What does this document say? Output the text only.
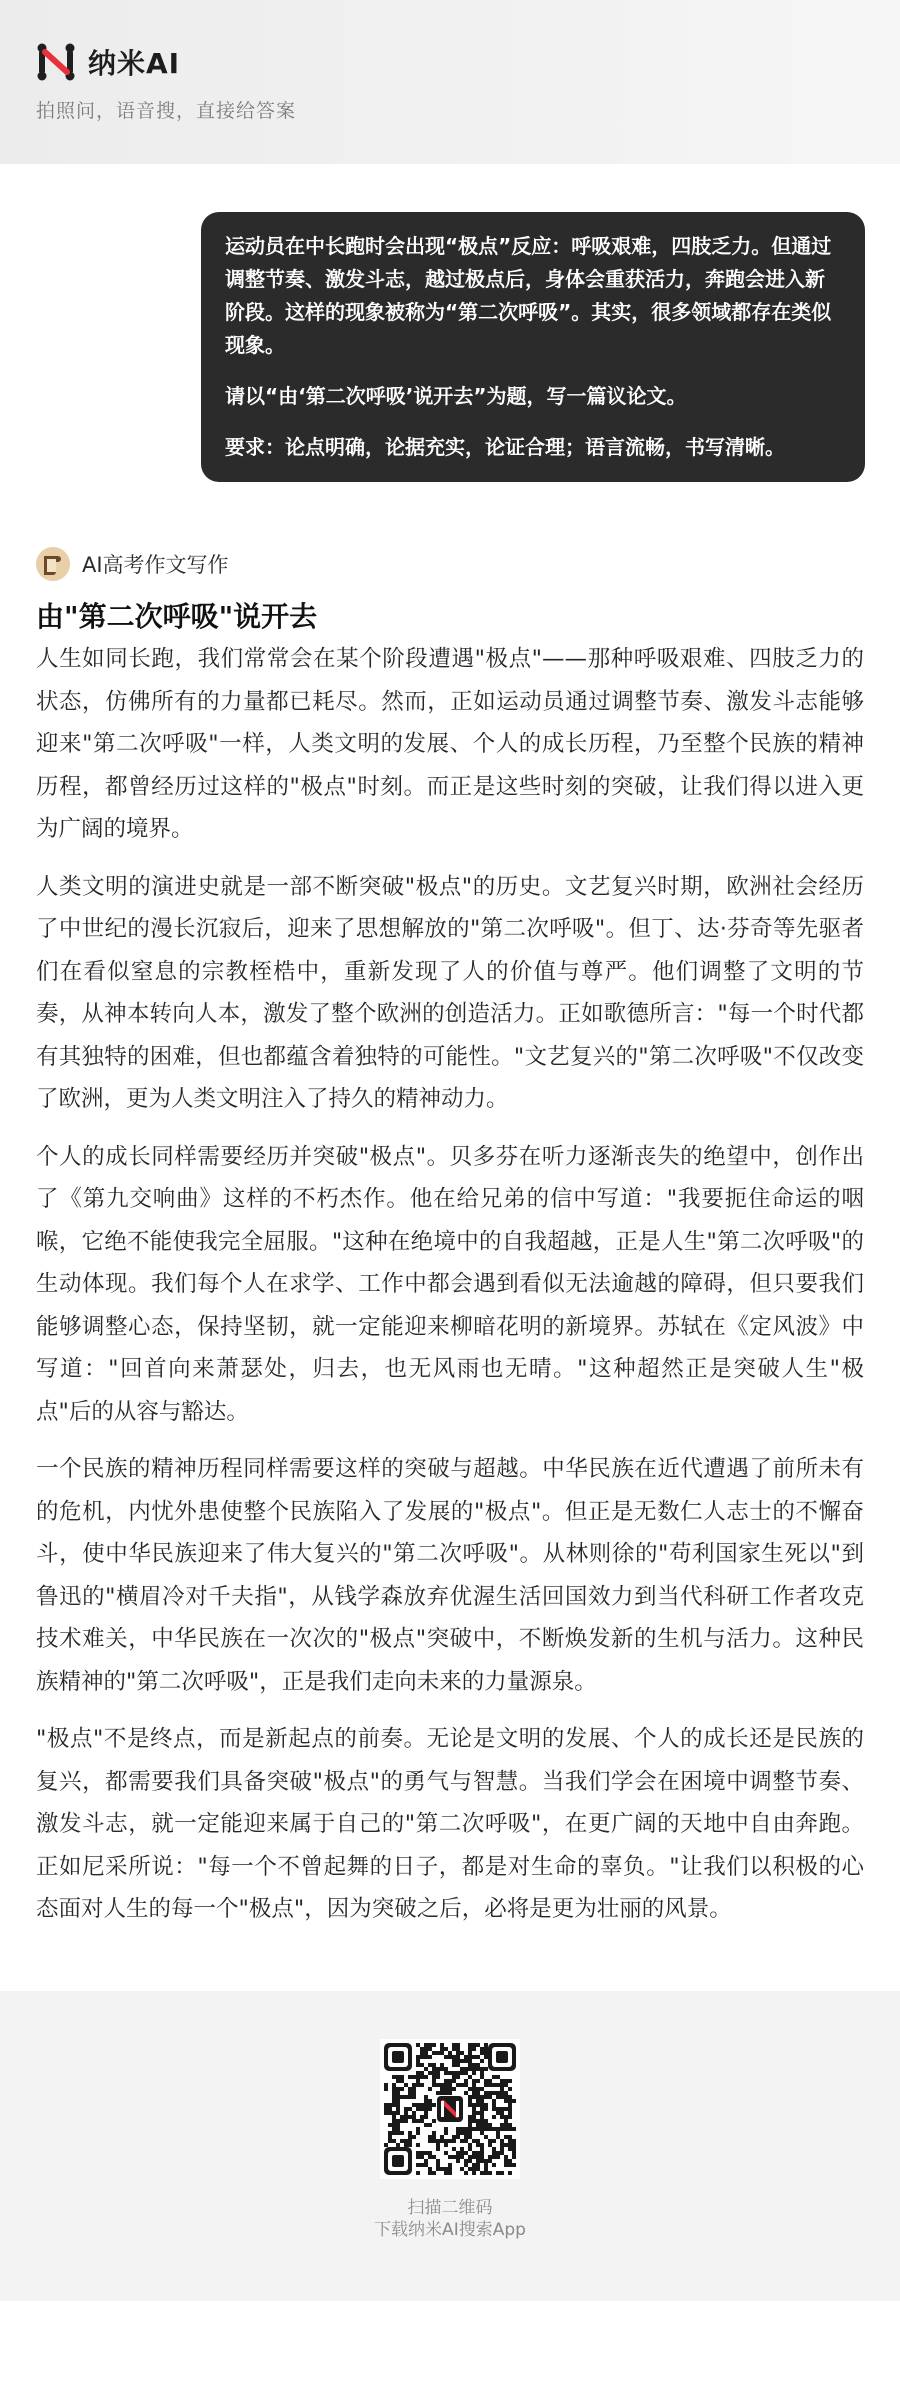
纳米AI
拍照问，语音搜，直接给答案

运动员在中长跑时会出现“极点”反应：呼吸艰难，四肢乏力。但通过调整节奏、激发斗志，越过极点后，身体会重获活力，奔跑会进入新阶段。这样的现象被称为“第二次呼吸”。其实，很多领域都存在类似现象。

请以“由‘第二次呼吸’说开去”为题，写一篇议论文。

要求：论点明确，论据充实，论证合理；语言流畅，书写清晰。

AI高考作文写作
由"第二次呼吸"说开去

人生如同长跑，我们常常会在某个阶段遭遇"极点"——那种呼吸艰难、四肢乏力的状态，仿佛所有的力量都已耗尽。然而，正如运动员通过调整节奏、激发斗志能够迎来"第二次呼吸"一样，人类文明的发展、个人的成长历程，乃至整个民族的精神历程，都曾经历过这样的"极点"时刻。而正是这些时刻的突破，让我们得以进入更为广阔的境界。

人类文明的演进史就是一部不断突破"极点"的历史。文艺复兴时期，欧洲社会经历了中世纪的漫长沉寂后，迎来了思想解放的"第二次呼吸"。但丁、达·芬奇等先驱者们在看似窒息的宗教桎梏中，重新发现了人的价值与尊严。他们调整了文明的节奏，从神本转向人本，激发了整个欧洲的创造活力。正如歌德所言："每一个时代都有其独特的困难，但也都蕴含着独特的可能性。"文艺复兴的"第二次呼吸"不仅改变了欧洲，更为人类文明注入了持久的精神动力。

个人的成长同样需要经历并突破"极点"。贝多芬在听力逐渐丧失的绝望中，创作出了《第九交响曲》这样的不朽杰作。他在给兄弟的信中写道："我要扼住命运的咽喉，它绝不能使我完全屈服。"这种在绝境中的自我超越，正是人生"第二次呼吸"的生动体现。我们每个人在求学、工作中都会遇到看似无法逾越的障碍，但只要我们能够调整心态，保持坚韧，就一定能迎来柳暗花明的新境界。苏轼在《定风波》中写道："回首向来萧瑟处，归去，也无风雨也无晴。"这种超然正是突破人生"极点"后的从容与豁达。

一个民族的精神历程同样需要这样的突破与超越。中华民族在近代遭遇了前所未有的危机，内忧外患使整个民族陷入了发展的"极点"。但正是无数仁人志士的不懈奋斗，使中华民族迎来了伟大复兴的"第二次呼吸"。从林则徐的"苟利国家生死以"到鲁迅的"横眉冷对千夫指"，从钱学森放弃优渥生活回国效力到当代科研工作者攻克技术难关，中华民族在一次次的"极点"突破中，不断焕发新的生机与活力。这种民族精神的"第二次呼吸"，正是我们走向未来的力量源泉。

"极点"不是终点，而是新起点的前奏。无论是文明的发展、个人的成长还是民族的复兴，都需要我们具备突破"极点"的勇气与智慧。当我们学会在困境中调整节奏、激发斗志，就一定能迎来属于自己的"第二次呼吸"，在更广阔的天地中自由奔跑。正如尼采所说："每一个不曾起舞的日子，都是对生命的辜负。"让我们以积极的心态面对人生的每一个"极点"，因为突破之后，必将是更为壮丽的风景。

扫描二维码
下载纳米AI搜索App
